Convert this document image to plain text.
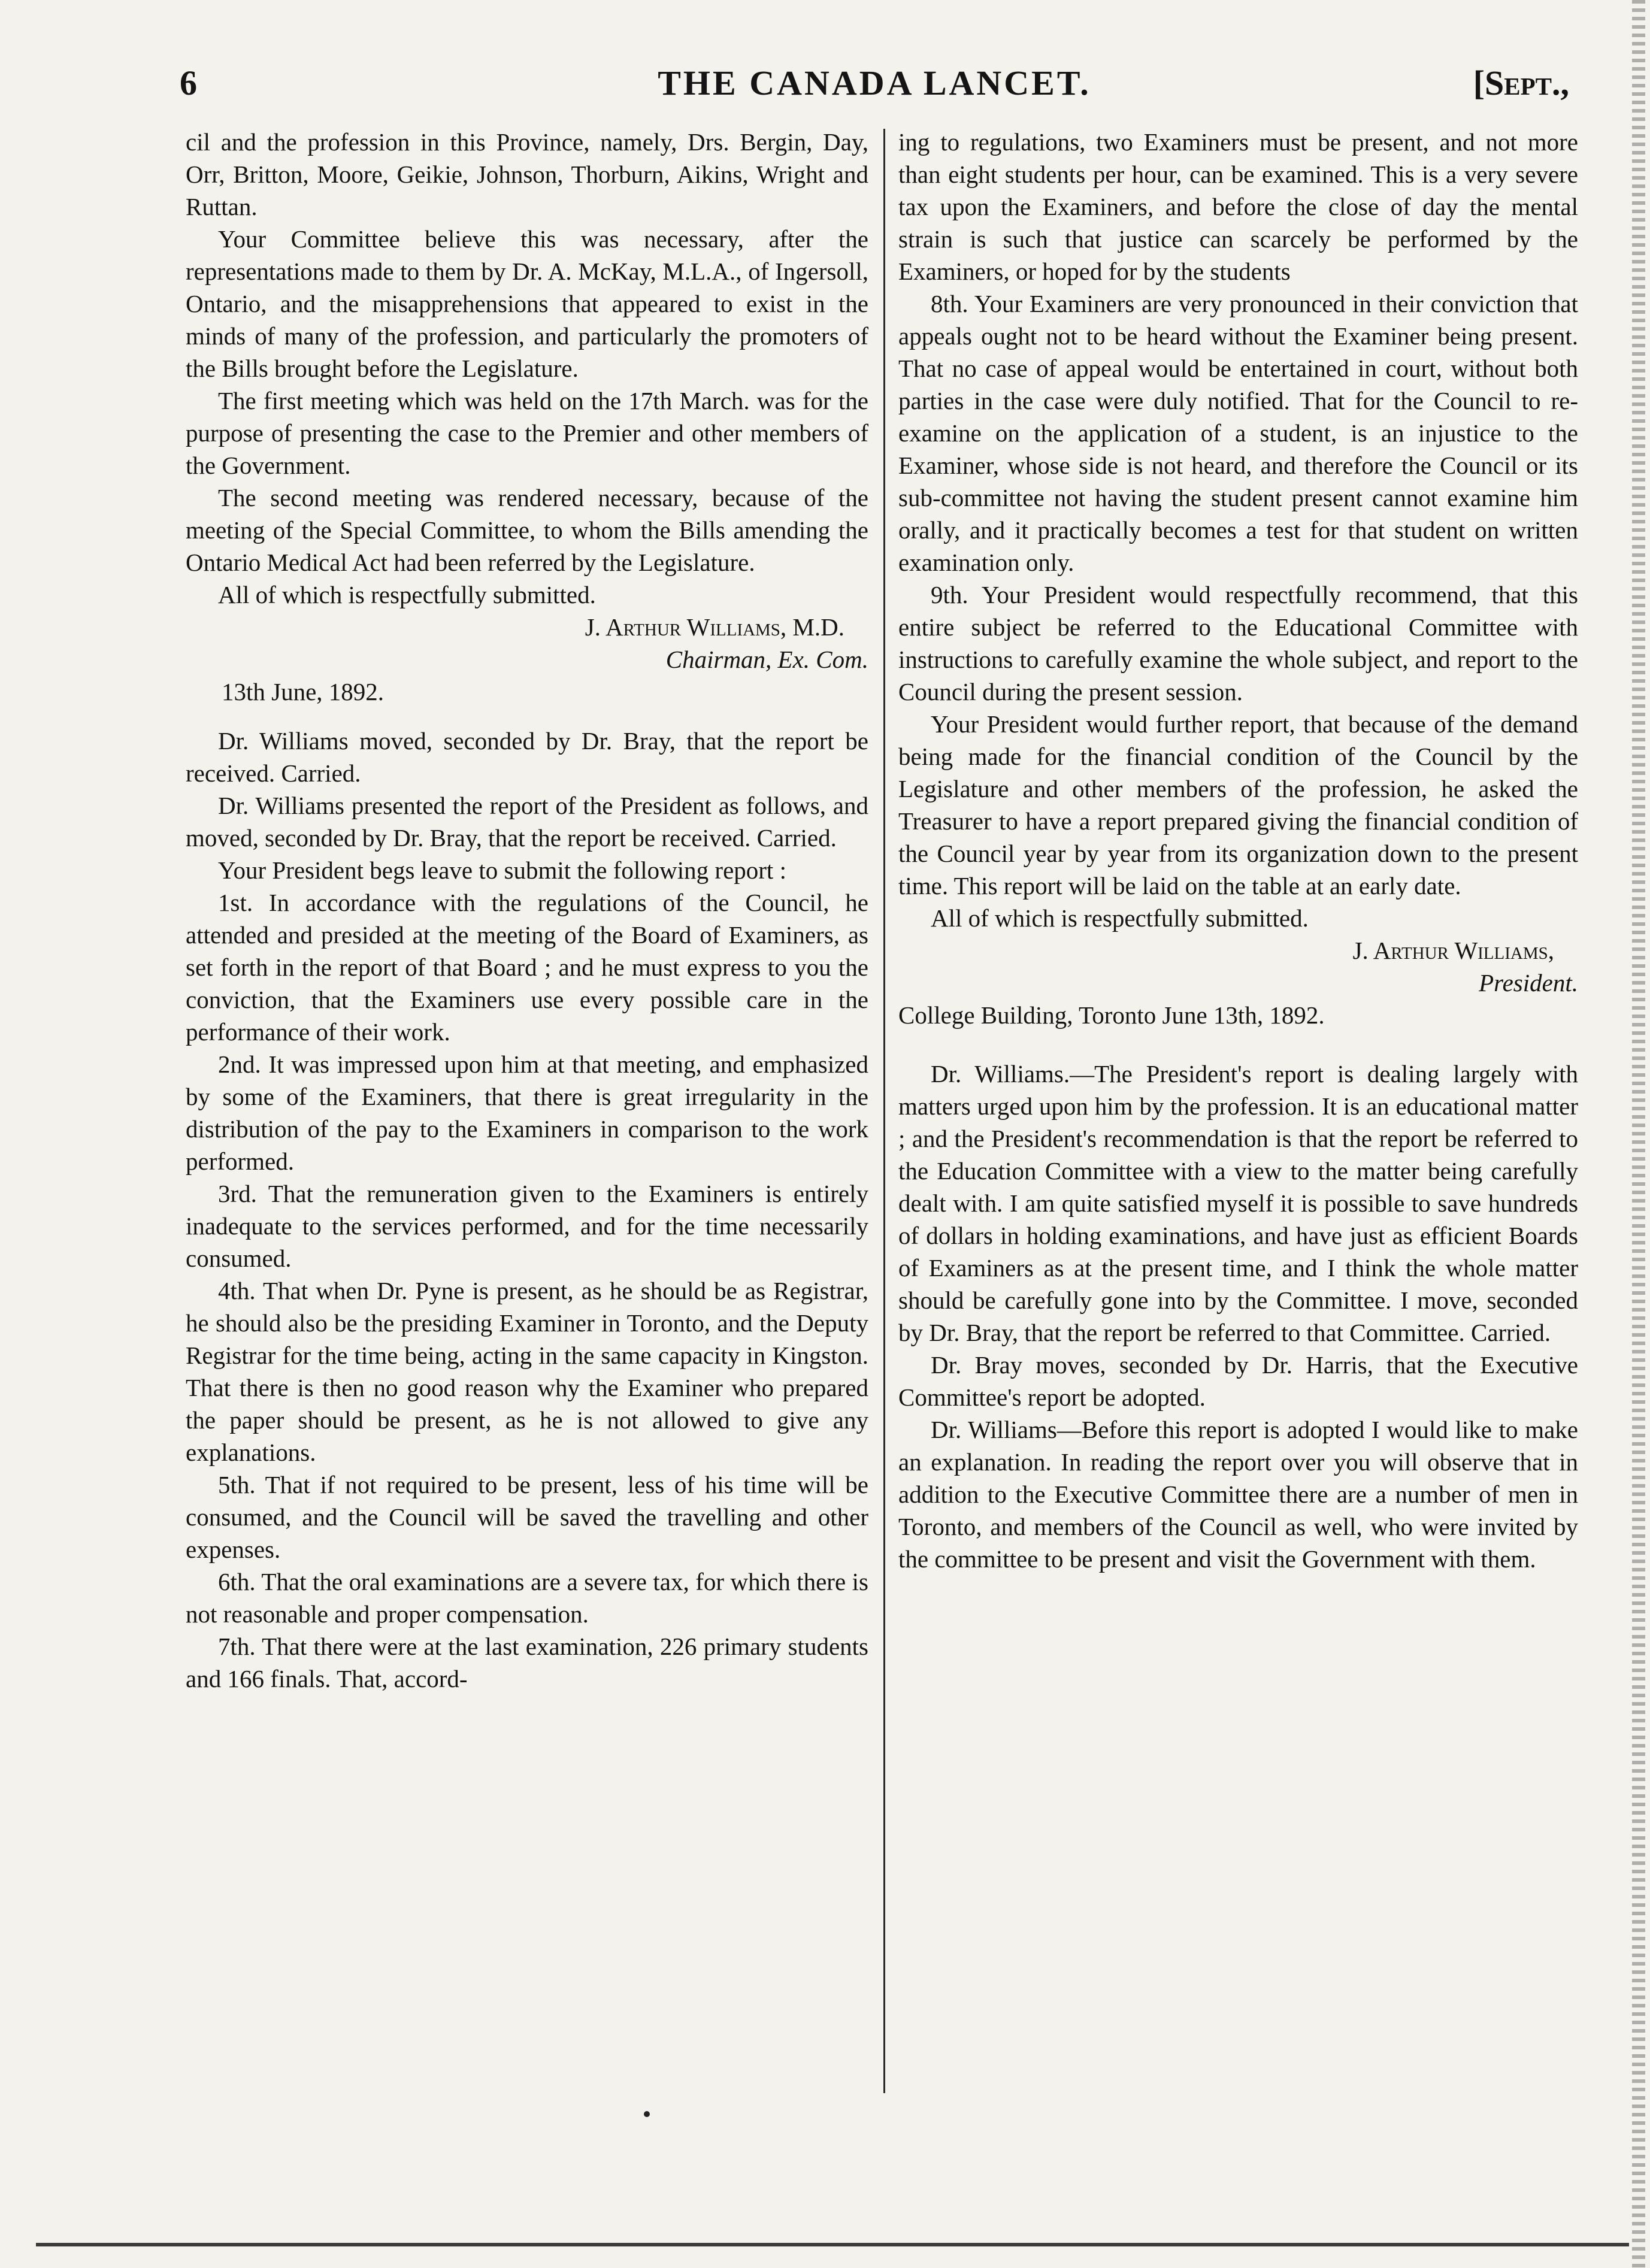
6	THE CANADA LANCET.	[Sept.,

cil and the profession in this Province, namely, Drs. Bergin, Day, Orr, Britton, Moore, Geikie, Johnson, Thorburn, Aikins, Wright and Ruttan.

Your Committee believe this was necessary, after the representations made to them by Dr. A. McKay, M.L.A., of Ingersoll, Ontario, and the misapprehensions that appeared to exist in the minds of many of the profession, and particularly the promoters of the Bills brought before the Legislature.

The first meeting which was held on the 17th March. was for the purpose of presenting the case to the Premier and other members of the Government.

The second meeting was rendered necessary, because of the meeting of the Special Committee, to whom the Bills amending the Ontario Medical Act had been referred by the Legislature.

All of which is respectfully submitted.

J. Arthur Williams, M.D.

Chairman, Ex. Com.

13th June, 1892.

Dr. Williams moved, seconded by Dr. Bray, that the report be received. Carried.

Dr. Williams presented the report of the President as follows, and moved, seconded by Dr. Bray, that the report be received. Carried.

Your President begs leave to submit the following report :

1st. In accordance with the regulations of the Council, he attended and presided at the meeting of the Board of Examiners, as set forth in the report of that Board ; and he must express to you the conviction, that the Examiners use every possible care in the performance of their work.

2nd. It was impressed upon him at that meeting, and emphasized by some of the Examiners, that there is great irregularity in the distribution of the pay to the Examiners in comparison to the work performed.

3rd. That the remuneration given to the Examiners is entirely inadequate to the services performed, and for the time necessarily consumed.

4th. That when Dr. Pyne is present, as he should be as Registrar, he should also be the presiding Examiner in Toronto, and the Deputy Registrar for the time being, acting in the same capacity in Kingston. That there is then no good reason why the Examiner who prepared the paper should be present, as he is not allowed to give any explanations.

5th. That if not required to be present, less of his time will be consumed, and the Council will be saved the travelling and other expenses.

6th. That the oral examinations are a severe tax, for which there is not reasonable and proper compensation.

7th. That there were at the last examination, 226 primary students and 166 finals. That, accord-

ing to regulations, two Examiners must be present, and not more than eight students per hour, can be examined. This is a very severe tax upon the Examiners, and before the close of day the mental strain is such that justice can scarcely be performed by the Examiners, or hoped for by the students

8th. Your Examiners are very pronounced in their conviction that appeals ought not to be heard without the Examiner being present. That no case of appeal would be entertained in court, without both parties in the case were duly notified. That for the Council to re-examine on the application of a student, is an injustice to the Examiner, whose side is not heard, and therefore the Council or its sub-committee not having the student present cannot examine him orally, and it practically becomes a test for that student on written examination only.

9th. Your President would respectfully recommend, that this entire subject be referred to the Educational Committee with instructions to carefully examine the whole subject, and report to the Council during the present session.

Your President would further report, that because of the demand being made for the financial condition of the Council by the Legislature and other members of the profession, he asked the Treasurer to have a report prepared giving the financial condition of the Council year by year from its organization down to the present time. This report will be laid on the table at an early date.

All of which is respectfully submitted.

J. Arthur Williams,

President.

College Building, Toronto June 13th, 1892.

Dr. Williams.—The President's report is dealing largely with matters urged upon him by the profession. It is an educational matter ; and the President's recommendation is that the report be referred to the Education Committee with a view to the matter being carefully dealt with. I am quite satisfied myself it is possible to save hundreds of dollars in holding examinations, and have just as efficient Boards of Examiners as at the present time, and I think the whole matter should be carefully gone into by the Committee. I move, seconded by Dr. Bray, that the report be referred to that Committee. Carried.

Dr. Bray moves, seconded by Dr. Harris, that the Executive Committee's report be adopted.

Dr. Williams—Before this report is adopted I would like to make an explanation. In reading the report over you will observe that in addition to the Executive Committee there are a number of men in Toronto, and members of the Council as well, who were invited by the committee to be present and visit the Government with them.
